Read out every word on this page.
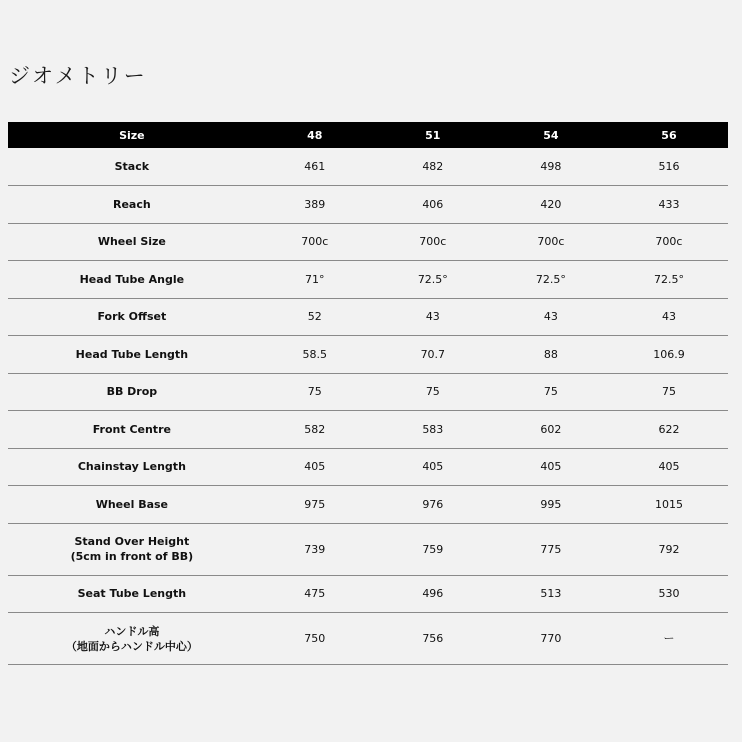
ジオメトリー
Size	48	51	54	56

Stack	461	482	498	516

Reach	389	406	420	433

Wheel Size	700c	700c	700c	700c

Head Tube Angle	71°	72.5°	72.5°	72.5°

Fork Offset	52	43	43	43

Head Tube Length	58.5	70.7	88	106.9

BB Drop	75	75	75	75

Front Centre	582	583	602	622

Chainstay Length	405	405	405	405

Wheel Base	975	976	995	1015

Stand Over Height
(5cm in front of BB)	739	759	775	792

Seat Tube Length	475	496	513	530

ハンドル高
（地面からハンドル中心）	750	756	770	ー
